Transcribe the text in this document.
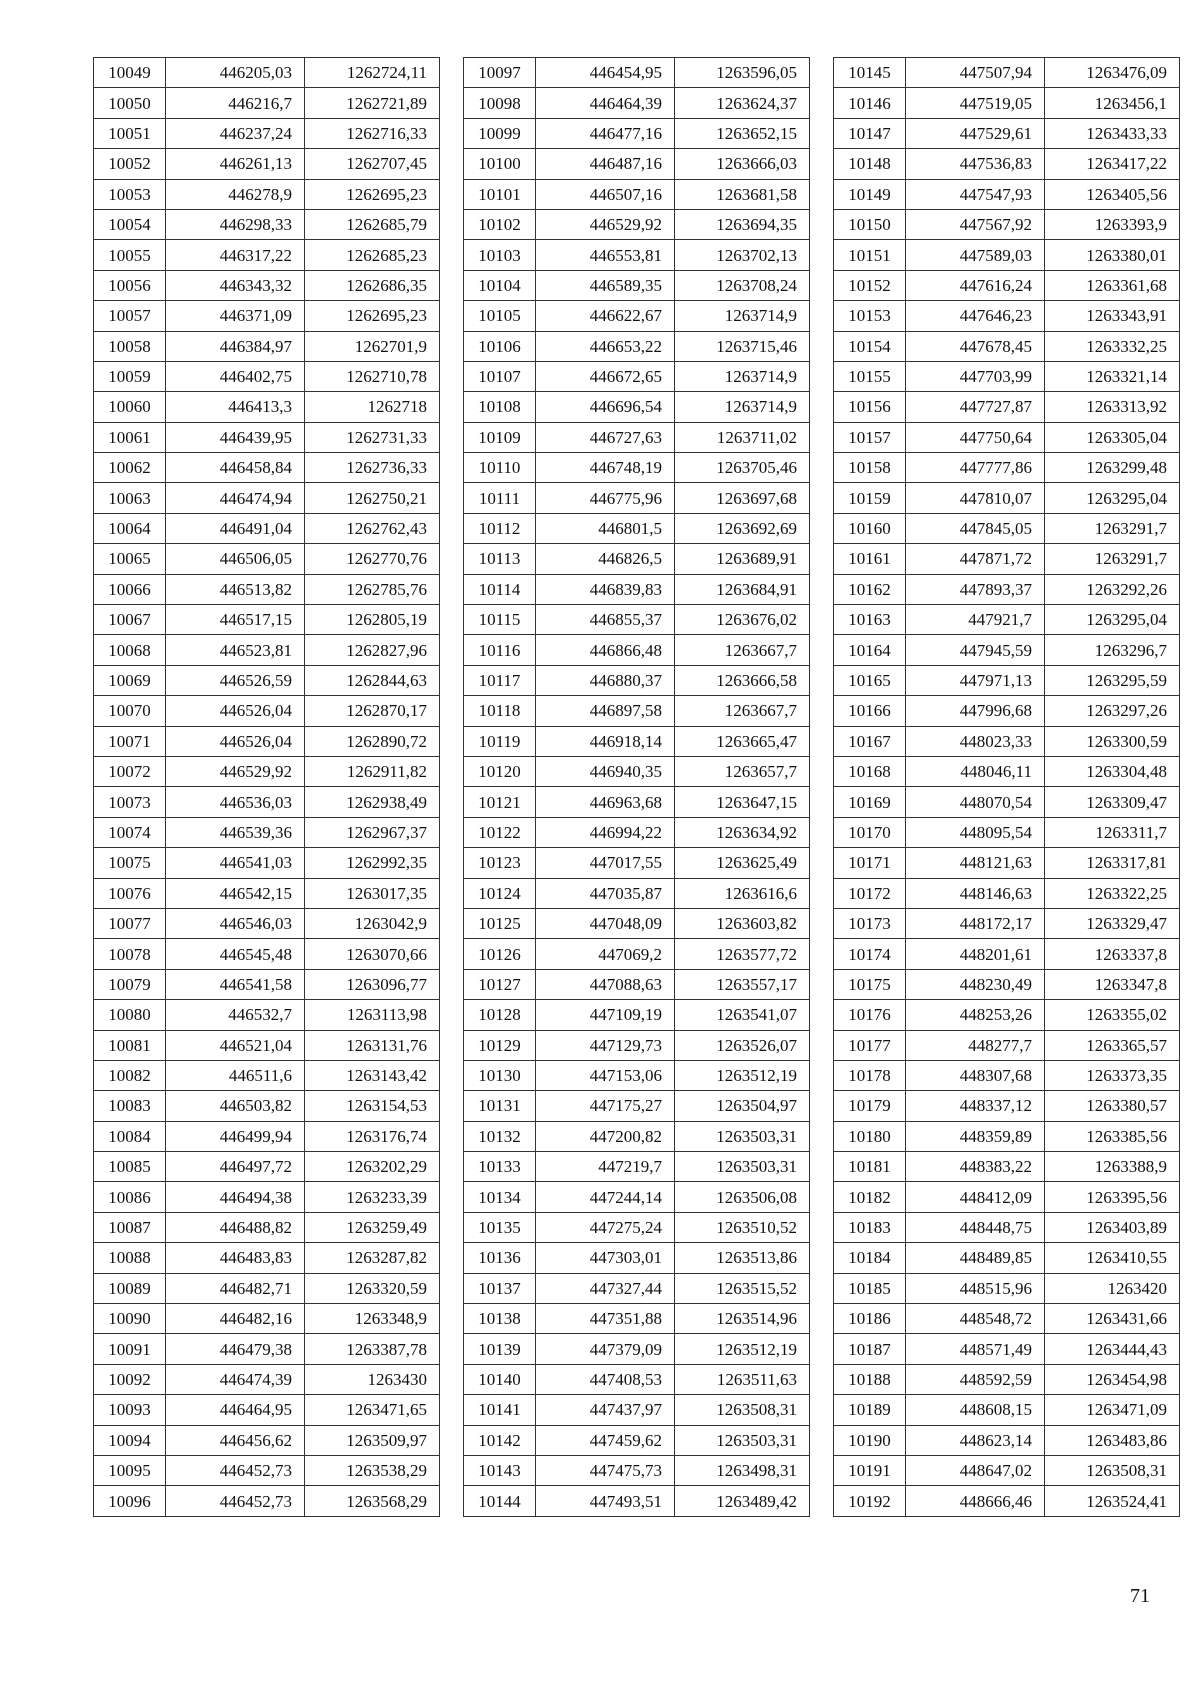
10049	446205,03	1262724,11
10050	446216,7	1262721,89
10051	446237,24	1262716,33
10052	446261,13	1262707,45
10053	446278,9	1262695,23
10054	446298,33	1262685,79
10055	446317,22	1262685,23
10056	446343,32	1262686,35
10057	446371,09	1262695,23
10058	446384,97	1262701,9
10059	446402,75	1262710,78
10060	446413,3	1262718
10061	446439,95	1262731,33
10062	446458,84	1262736,33
10063	446474,94	1262750,21
10064	446491,04	1262762,43
10065	446506,05	1262770,76
10066	446513,82	1262785,76
10067	446517,15	1262805,19
10068	446523,81	1262827,96
10069	446526,59	1262844,63
10070	446526,04	1262870,17
10071	446526,04	1262890,72
10072	446529,92	1262911,82
10073	446536,03	1262938,49
10074	446539,36	1262967,37
10075	446541,03	1262992,35
10076	446542,15	1263017,35
10077	446546,03	1263042,9
10078	446545,48	1263070,66
10079	446541,58	1263096,77
10080	446532,7	1263113,98
10081	446521,04	1263131,76
10082	446511,6	1263143,42
10083	446503,82	1263154,53
10084	446499,94	1263176,74
10085	446497,72	1263202,29
10086	446494,38	1263233,39
10087	446488,82	1263259,49
10088	446483,83	1263287,82
10089	446482,71	1263320,59
10090	446482,16	1263348,9
10091	446479,38	1263387,78
10092	446474,39	1263430
10093	446464,95	1263471,65
10094	446456,62	1263509,97
10095	446452,73	1263538,29
10096	446452,73	1263568,29
10097	446454,95	1263596,05
10098	446464,39	1263624,37
10099	446477,16	1263652,15
10100	446487,16	1263666,03
10101	446507,16	1263681,58
10102	446529,92	1263694,35
10103	446553,81	1263702,13
10104	446589,35	1263708,24
10105	446622,67	1263714,9
10106	446653,22	1263715,46
10107	446672,65	1263714,9
10108	446696,54	1263714,9
10109	446727,63	1263711,02
10110	446748,19	1263705,46
10111	446775,96	1263697,68
10112	446801,5	1263692,69
10113	446826,5	1263689,91
10114	446839,83	1263684,91
10115	446855,37	1263676,02
10116	446866,48	1263667,7
10117	446880,37	1263666,58
10118	446897,58	1263667,7
10119	446918,14	1263665,47
10120	446940,35	1263657,7
10121	446963,68	1263647,15
10122	446994,22	1263634,92
10123	447017,55	1263625,49
10124	447035,87	1263616,6
10125	447048,09	1263603,82
10126	447069,2	1263577,72
10127	447088,63	1263557,17
10128	447109,19	1263541,07
10129	447129,73	1263526,07
10130	447153,06	1263512,19
10131	447175,27	1263504,97
10132	447200,82	1263503,31
10133	447219,7	1263503,31
10134	447244,14	1263506,08
10135	447275,24	1263510,52
10136	447303,01	1263513,86
10137	447327,44	1263515,52
10138	447351,88	1263514,96
10139	447379,09	1263512,19
10140	447408,53	1263511,63
10141	447437,97	1263508,31
10142	447459,62	1263503,31
10143	447475,73	1263498,31
10144	447493,51	1263489,42
10145	447507,94	1263476,09
10146	447519,05	1263456,1
10147	447529,61	1263433,33
10148	447536,83	1263417,22
10149	447547,93	1263405,56
10150	447567,92	1263393,9
10151	447589,03	1263380,01
10152	447616,24	1263361,68
10153	447646,23	1263343,91
10154	447678,45	1263332,25
10155	447703,99	1263321,14
10156	447727,87	1263313,92
10157	447750,64	1263305,04
10158	447777,86	1263299,48
10159	447810,07	1263295,04
10160	447845,05	1263291,7
10161	447871,72	1263291,7
10162	447893,37	1263292,26
10163	447921,7	1263295,04
10164	447945,59	1263296,7
10165	447971,13	1263295,59
10166	447996,68	1263297,26
10167	448023,33	1263300,59
10168	448046,11	1263304,48
10169	448070,54	1263309,47
10170	448095,54	1263311,7
10171	448121,63	1263317,81
10172	448146,63	1263322,25
10173	448172,17	1263329,47
10174	448201,61	1263337,8
10175	448230,49	1263347,8
10176	448253,26	1263355,02
10177	448277,7	1263365,57
10178	448307,68	1263373,35
10179	448337,12	1263380,57
10180	448359,89	1263385,56
10181	448383,22	1263388,9
10182	448412,09	1263395,56
10183	448448,75	1263403,89
10184	448489,85	1263410,55
10185	448515,96	1263420
10186	448548,72	1263431,66
10187	448571,49	1263444,43
10188	448592,59	1263454,98
10189	448608,15	1263471,09
10190	448623,14	1263483,86
10191	448647,02	1263508,31
10192	448666,46	1263524,41
71
